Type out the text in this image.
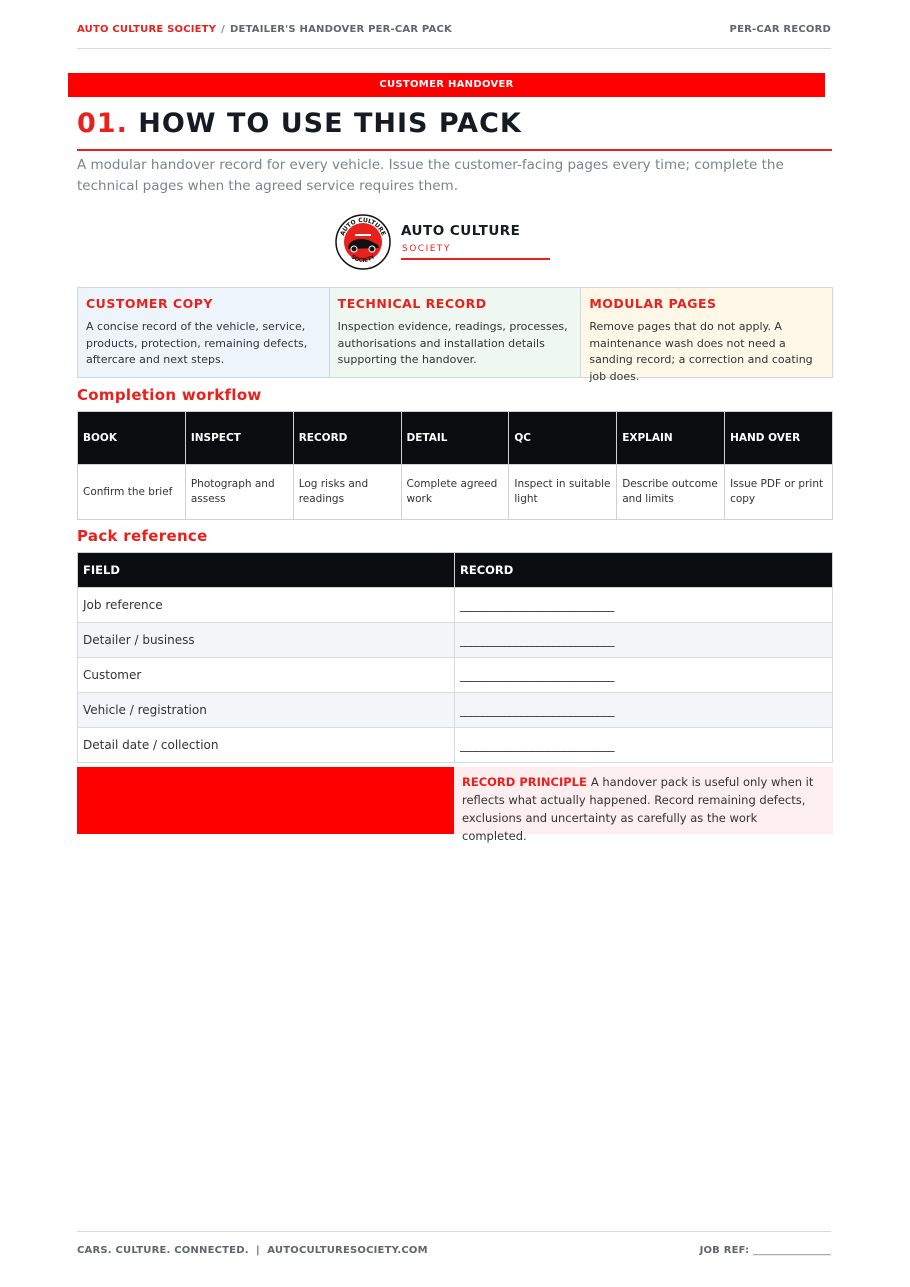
AUTO CULTURE SOCIETY / DETAILER'S HANDOVER PER-CAR PACK	PER-CAR RECORD
CUSTOMER HANDOVER
01. HOW TO USE THIS PACK

A modular handover record for every vehicle. Issue the customer-facing pages every time; complete the technical pages when the agreed service requires them.

AUTO CULTURE
SOCIETY
AUTO CULTURE
SOCIETY
CUSTOMER COPY
A concise record of the vehicle, service, products, protection, remaining defects, aftercare and next steps.
TECHNICAL RECORD
Inspection evidence, readings, processes, authorisations and installation details supporting the handover.
MODULAR PAGES
Remove pages that do not apply. A maintenance wash does not need a sanding record; a correction and coating job does.
Completion workflow
BOOK	INSPECT	RECORD	DETAIL	QC	EXPLAIN	HAND OVER
Confirm the brief	Photograph and assess	Log risks and readings	Complete agreed work	Inspect in suitable light	Describe outcome and limits	Issue PDF or print copy
Pack reference
FIELD	RECORD
Job reference	____________________________
Detailer / business	____________________________
Customer	____________________________
Vehicle / registration	____________________________
Detail date / collection	____________________________
RECORD PRINCIPLE A handover pack is useful only when it reflects what actually happened. Record remaining defects, exclusions and uncertainty as carefully as the work completed.
CARS. CULTURE. CONNECTED.  |  AUTOCULTURESOCIETY.COM	JOB REF: _______________
